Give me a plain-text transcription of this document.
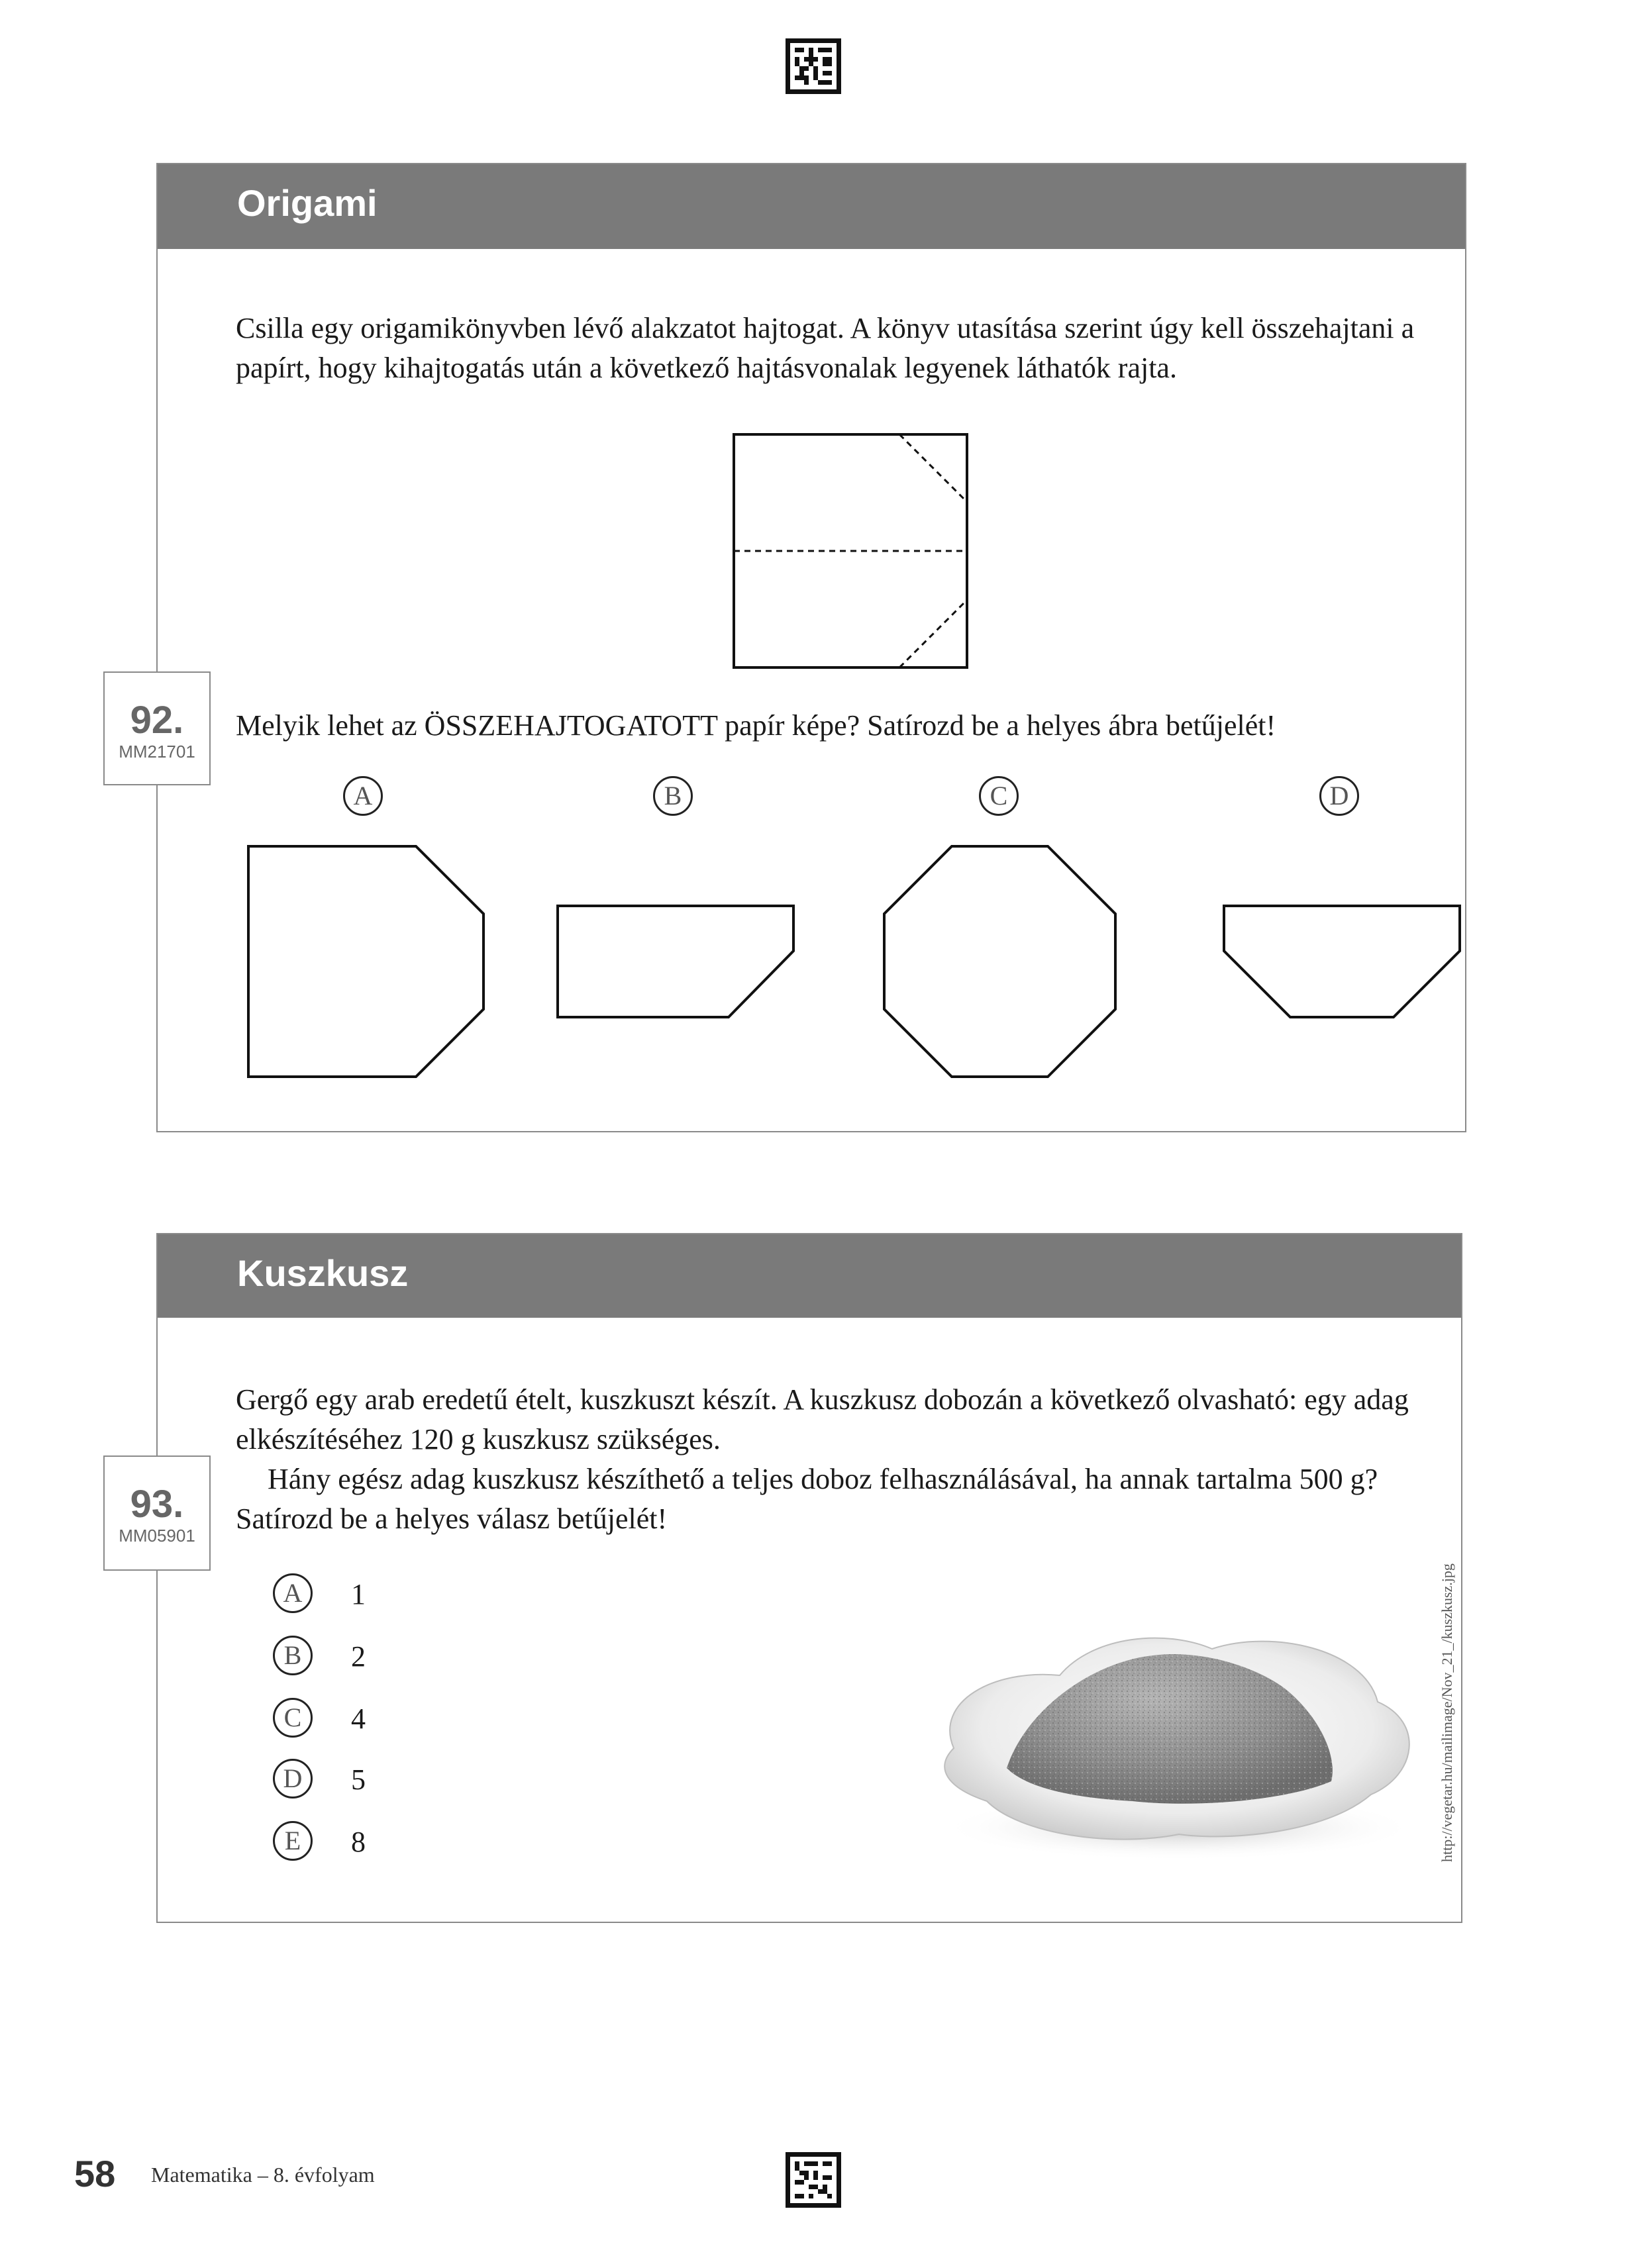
Origami

Csilla egy origamikönyvben lévő alakzatot hajtogat. A könyv utasítása szerint úgy kell összehajtani a papírt, hogy kihajtogatás után a következő hajtásvonalak legyenek láthatók rajta.

92.
MM21701

Melyik lehet az ÖSSZEHAJTOGATOTT papír képe? Satírozd be a helyes ábra betűjelét!

A	B	C	D
Kuszkusz

Gergő egy arab eredetű ételt, kuszkuszt készít. A kuszkusz dobozán a következő olvasható: egy adag elkészítéséhez 120 g kuszkusz szükséges.

Hány egész adag kuszkusz készíthető a teljes doboz felhasználásával, ha annak tartalma 500 g? Satírozd be a helyes válasz betűjelét!

93.
MM05901
A	1
B	2
C	4
D	5
E	8	http://vegetar.hu/mailimage/Nov_21_/kuszkusz.jpg
58 Matematika – 8. évfolyam
